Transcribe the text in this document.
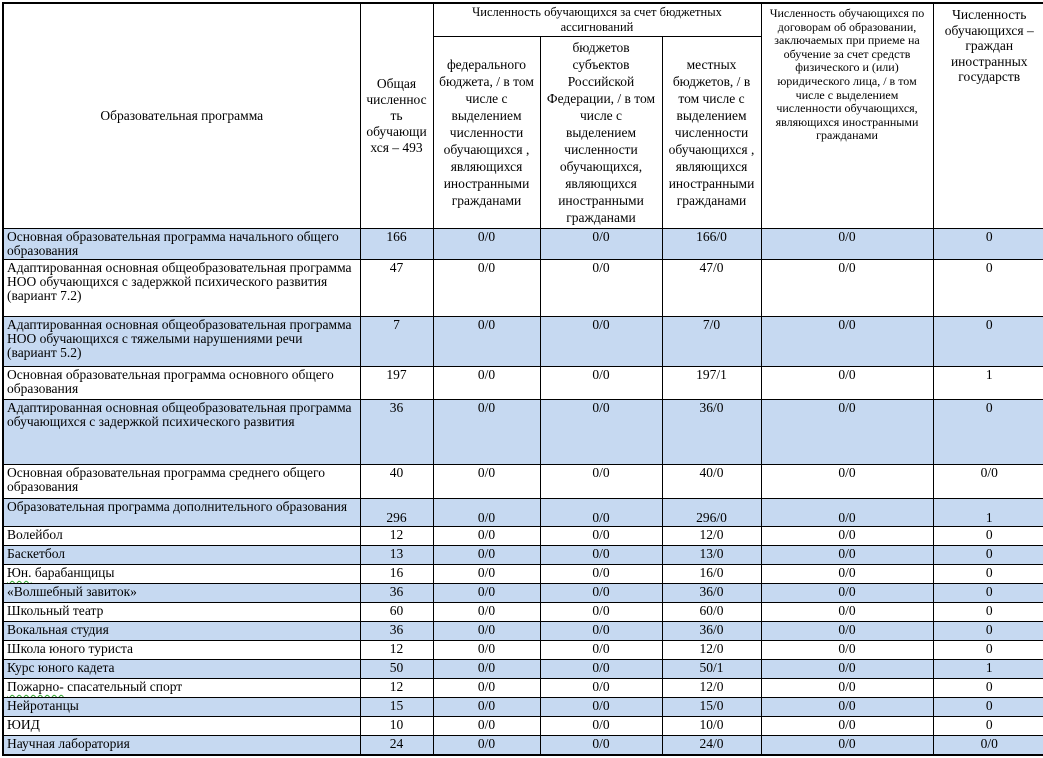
Образовательная программа	Общая численность обучающихся – 493	Численность обучающихся за счет бюджетных ассигнований			Численность обучающихся по договорам об образовании, заключаемых при приеме на обучение за счет средств физического и (или) юридического лица, / в том числе с выделением численности обучающихся, являющихся иностранными гражданами	Численность обучающихся – граждан иностранных государств
		федерального бюджета, / в том числе с выделением численности обучающихся , являющихся иностранными гражданами	бюджетов субъектов Российской Федерации, / в том числе с выделением численности обучающихся, являющихся иностранными гражданами	местных бюджетов, / в том числе с выделением численности обучающихся , являющихся иностранными гражданами		
Основная образовательная программа начального общего образования	166	0/0	0/0	166/0	0/0	0
Адаптированная основная общеобразовательная программа НОО обучающихся с задержкой психического развития (вариант 7.2)	47	0/0	0/0	47/0	0/0	0
Адаптированная основная общеобразовательная программа НОО обучающихся с тяжелыми нарушениями речи (вариант 5.2)	7	0/0	0/0	7/0	0/0	0
Основная образовательная программа основного общего образования	197	0/0	0/0	197/1	0/0	1
Адаптированная основная общеобразовательная программа обучающихся с задержкой психического развития	36	0/0	0/0	36/0	0/0	0
Основная образовательная программа среднего общего образования	40	0/0	0/0	40/0	0/0	0/0
Образовательная программа дополнительного образования	296	0/0	0/0	296/0	0/0	1
Волейбол	12	0/0	0/0	12/0	0/0	0
Баскетбол	13	0/0	0/0	13/0	0/0	0
Юн. барабанщицы	16	0/0	0/0	16/0	0/0	0
«Волшебный завиток»	36	0/0	0/0	36/0	0/0	0
Школьный театр	60	0/0	0/0	60/0	0/0	0
Вокальная студия	36	0/0	0/0	36/0	0/0	0
Школа юного туриста	12	0/0	0/0	12/0	0/0	0
Курс юного кадета	50	0/0	0/0	50/1	0/0	1
Пожарно- спасательный спорт	12	0/0	0/0	12/0	0/0	0
Нейротанцы	15	0/0	0/0	15/0	0/0	0
ЮИД	10	0/0	0/0	10/0	0/0	0
Научная лаборатория	24	0/0	0/0	24/0	0/0	0/0
